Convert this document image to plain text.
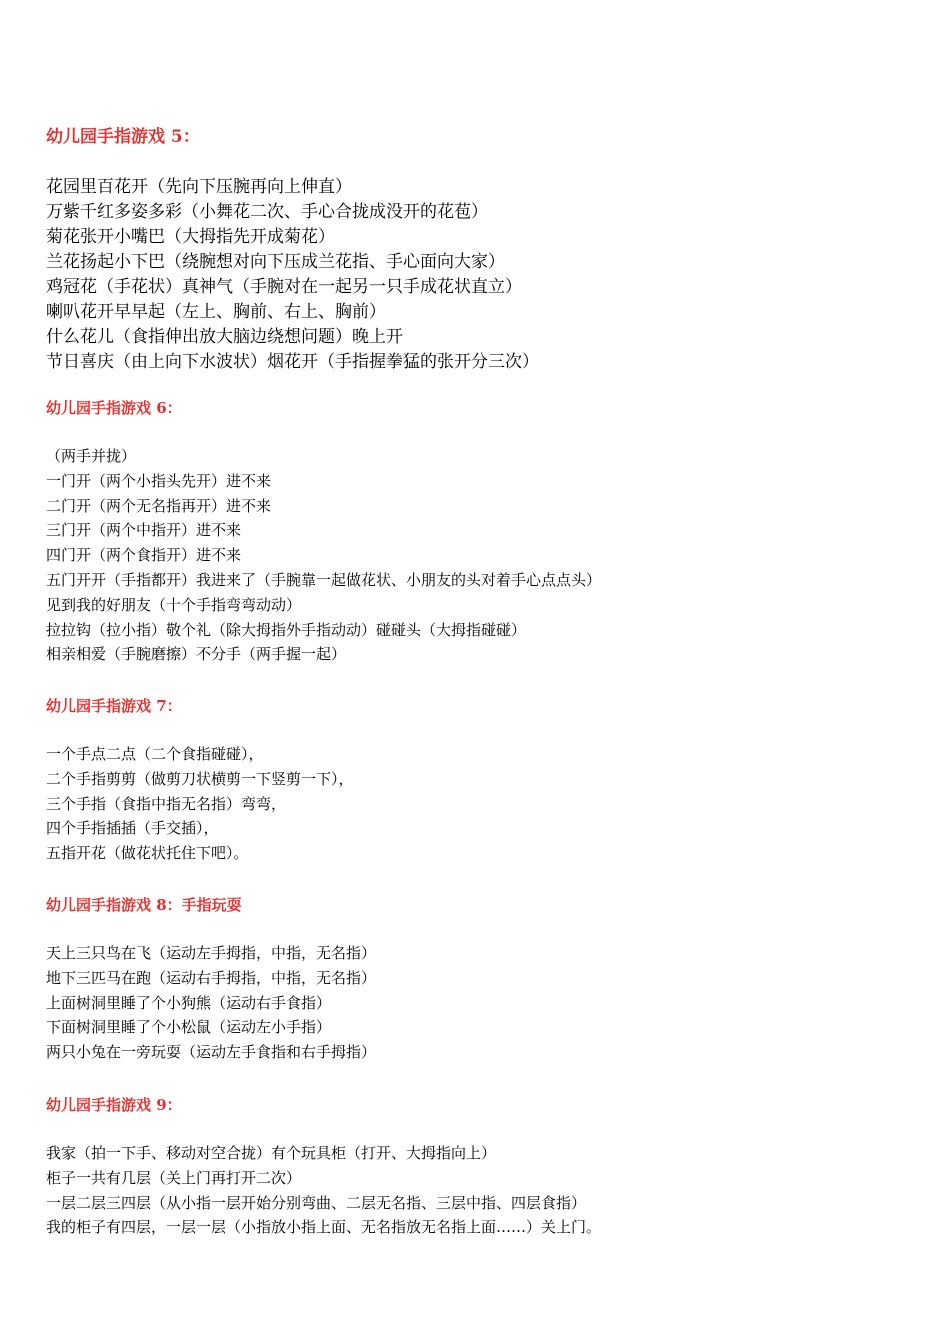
幼儿园手指游戏 5：
花园里百花开（先向下压腕再向上伸直）
万紫千红多姿多彩（小舞花二次、手心合拢成没开的花苞）
菊花张开小嘴巴（大拇指先开成菊花）
兰花扬起小下巴（绕腕想对向下压成兰花指、手心面向大家）
鸡冠花（手花状）真神气（手腕对在一起另一只手成花状直立）
喇叭花开早早起（左上、胸前、右上、胸前）
什么花儿（食指伸出放大脑边绕想问题）晚上开
节日喜庆（由上向下水波状）烟花开（手指握拳猛的张开分三次）
幼儿园手指游戏 6：
（两手并拢）
一门开（两个小指头先开）进不来
二门开（两个无名指再开）进不来
三门开（两个中指开）进不来
四门开（两个食指开）进不来
五门开开（手指都开）我进来了（手腕靠一起做花状、小朋友的头对着手心点点头）
见到我的好朋友（十个手指弯弯动动）
拉拉钩（拉小指）敬个礼（除大拇指外手指动动）碰碰头（大拇指碰碰）
相亲相爱（手腕磨擦）不分手（两手握一起）
幼儿园手指游戏 7：
一个手点二点（二个食指碰碰），
二个手指剪剪（做剪刀状横剪一下竖剪一下），
三个手指（食指中指无名指）弯弯，
四个手指插插（手交插），
五指开花（做花状托住下吧）。
幼儿园手指游戏 8：手指玩耍
天上三只鸟在飞（运动左手拇指，中指，无名指）
地下三匹马在跑（运动右手拇指，中指，无名指）
上面树洞里睡了个小狗熊（运动右手食指）
下面树洞里睡了个小松鼠（运动左小手指）
两只小兔在一旁玩耍（运动左手食指和右手拇指）
幼儿园手指游戏 9：
我家（拍一下手、移动对空合拢）有个玩具柜（打开、大拇指向上）
柜子一共有几层（关上门再打开二次）
一层二层三四层（从小指一层开始分别弯曲、二层无名指、三层中指、四层食指）
我的柜子有四层，一层一层（小指放小指上面、无名指放无名指上面……）关上门。
